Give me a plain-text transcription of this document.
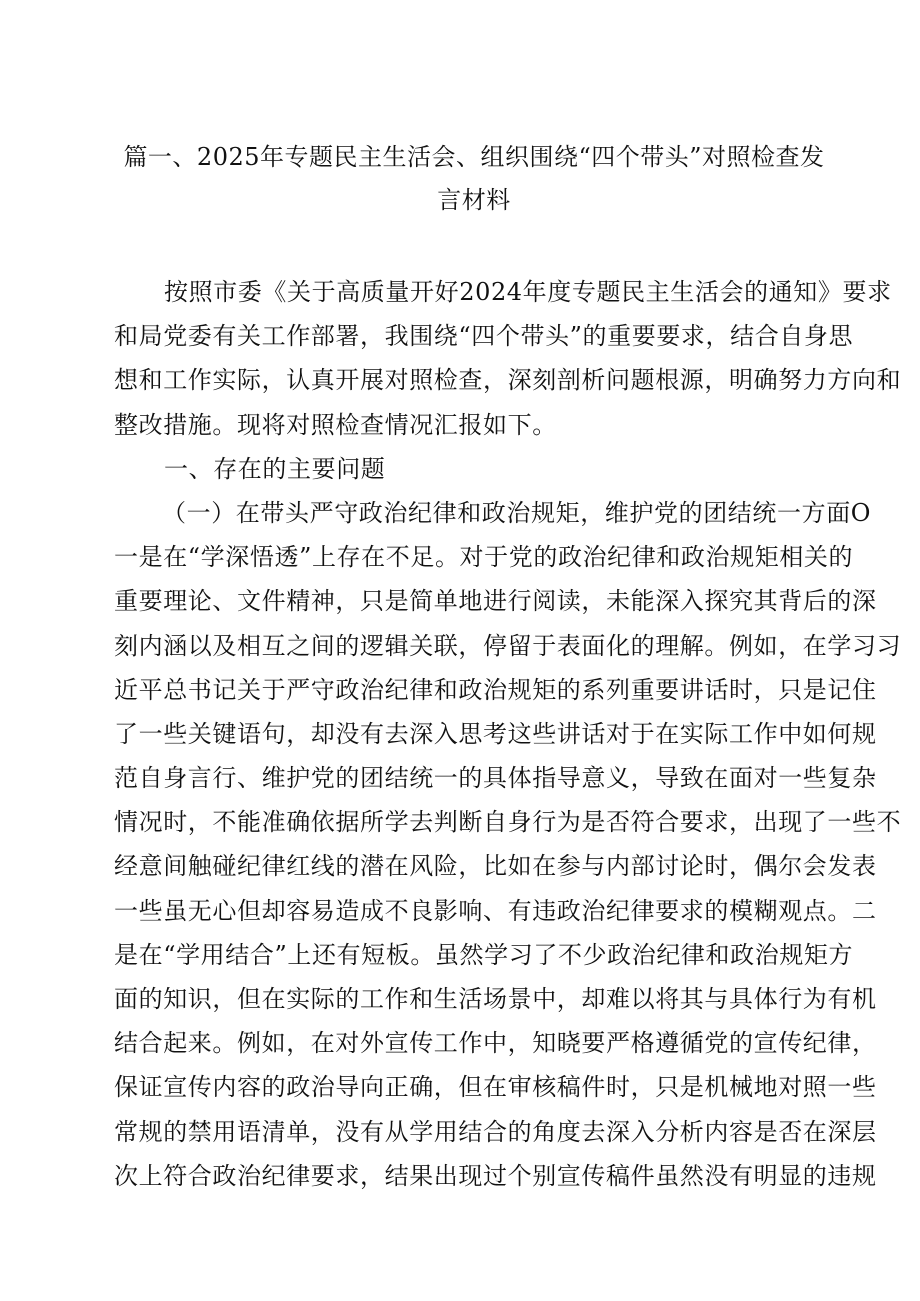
篇一、2025年专题民主生活会、组织围绕“四个带头”对照检查发
言材料
按照市委《关于高质量开好2024年度专题民主生活会的通知》要求
和局党委有关工作部署，我围绕“四个带头”的重要要求，结合自身思
想和工作实际，认真开展对照检查，深刻剖析问题根源，明确努力方向和
整改措施。现将对照检查情况汇报如下。
一、存在的主要问题
（一）在带头严守政治纪律和政治规矩，维护党的团结统一方面O
一是在“学深悟透”上存在不足。对于党的政治纪律和政治规矩相关的
重要理论、文件精神，只是简单地进行阅读，未能深入探究其背后的深
刻内涵以及相互之间的逻辑关联，停留于表面化的理解。例如，在学习习
近平总书记关于严守政治纪律和政治规矩的系列重要讲话时，只是记住
了一些关键语句，却没有去深入思考这些讲话对于在实际工作中如何规
范自身言行、维护党的团结统一的具体指导意义，导致在面对一些复杂
情况时，不能准确依据所学去判断自身行为是否符合要求，出现了一些不
经意间触碰纪律红线的潜在风险，比如在参与内部讨论时，偶尔会发表
一些虽无心但却容易造成不良影响、有违政治纪律要求的模糊观点。二
是在“学用结合”上还有短板。虽然学习了不少政治纪律和政治规矩方
面的知识，但在实际的工作和生活场景中，却难以将其与具体行为有机
结合起来。例如，在对外宣传工作中，知晓要严格遵循党的宣传纪律，
保证宣传内容的政治导向正确，但在审核稿件时，只是机械地对照一些
常规的禁用语清单，没有从学用结合的角度去深入分析内容是否在深层
次上符合政治纪律要求，结果出现过个别宣传稿件虽然没有明显的违规
